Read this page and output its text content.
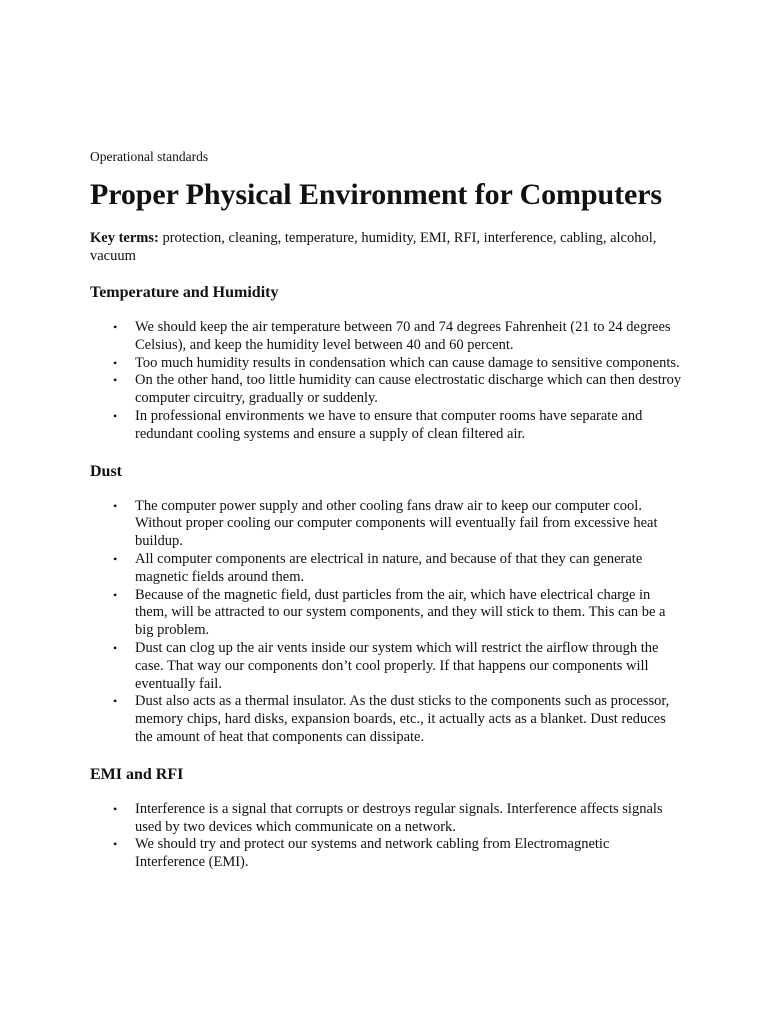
Operational standards

Proper Physical Environment for Computers

Key terms: protection, cleaning, temperature, humidity, EMI, RFI, interference, cabling, alcohol, vacuum

Temperature and Humidity
• We should keep the air temperature between 70 and 74 degrees Fahrenheit (21 to 24 degrees Celsius), and keep the humidity level between 40 and 60 percent.
• Too much humidity results in condensation which can cause damage to sensitive components.
• On the other hand, too little humidity can cause electrostatic discharge which can then destroy computer circuitry, gradually or suddenly.
• In professional environments we have to ensure that computer rooms have separate and redundant cooling systems and ensure a supply of clean filtered air.
Dust
• The computer power supply and other cooling fans draw air to keep our computer cool. Without proper cooling our computer components will eventually fail from excessive heat buildup.
• All computer components are electrical in nature, and because of that they can generate magnetic fields around them.
• Because of the magnetic field, dust particles from the air, which have electrical charge in them, will be attracted to our system components, and they will stick to them. This can be a big problem.
• Dust can clog up the air vents inside our system which will restrict the airflow through the case. That way our components don’t cool properly. If that happens our components will eventually fail.
• Dust also acts as a thermal insulator. As the dust sticks to the components such as processor, memory chips, hard disks, expansion boards, etc., it actually acts as a blanket. Dust reduces the amount of heat that components can dissipate.
EMI and RFI
• Interference is a signal that corrupts or destroys regular signals. Interference affects signals used by two devices which communicate on a network.
• We should try and protect our systems and network cabling from Electromagnetic Interference (EMI).
